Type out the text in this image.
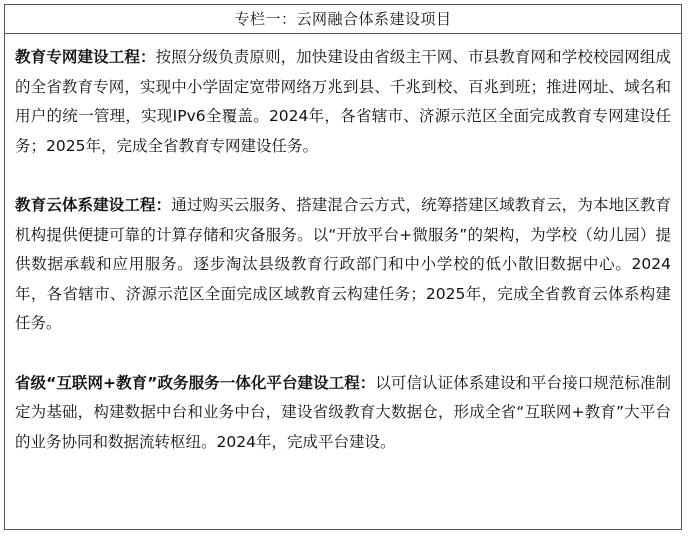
专栏一：云网融合体系建设项目

教育专网建设工程：按照分级负责原则，加快建设由省级主干网、市县教育网和学校校园网组成的全省教育专网，实现中小学固定宽带网络万兆到县、千兆到校、百兆到班；推进网址、域名和用户的统一管理，实现IPv6全覆盖。2024年，各省辖市、济源示范区全面完成教育专网建设任务；2025年，完成全省教育专网建设任务。

教育云体系建设工程：通过购买云服务、搭建混合云方式，统筹搭建区域教育云，为本地区教育机构提供便捷可靠的计算存储和灾备服务。以“开放平台+微服务”的架构，为学校（幼儿园）提供数据承载和应用服务。逐步淘汰县级教育行政部门和中小学校的低小散旧数据中心。2024年，各省辖市、济源示范区全面完成区域教育云构建任务；2025年，完成全省教育云体系构建任务。

省级“互联网+教育”政务服务一体化平台建设工程：以可信认证体系建设和平台接口规范标准制定为基础，构建数据中台和业务中台，建设省级教育大数据仓，形成全省“互联网+教育”大平台的业务协同和数据流转枢纽。2024年，完成平台建设。
